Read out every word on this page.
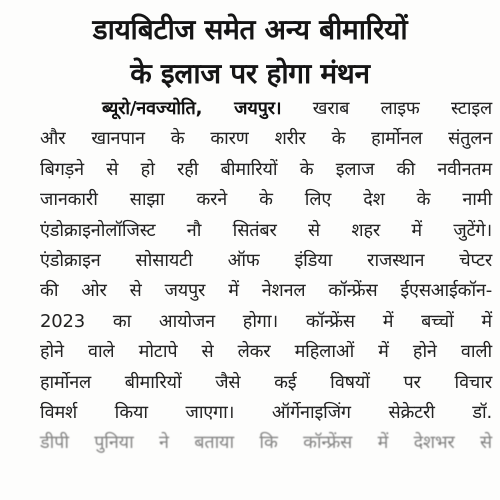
डायबिटीज समेत अन्य बीमारियों
के इलाज पर होगा मंथन
ब्यूरो/नवज्योति, जयपुर। खराब लाइफ स्टाइल
और खानपान के कारण शरीर के हार्मोनल संतुलन
बिगड़ने से हो रही बीमारियों के इलाज की नवीनतम
जानकारी साझा करने के लिए देश के नामी
एंडोक्राइनोलॉजिस्ट नौ सितंबर से शहर में जुटेंगे।
एंडोक्राइन सोसायटी ऑफ इंडिया राजस्थान चेप्टर
की ओर से जयपुर में नेशनल कॉन्फ्रेंस ईएसआईकॉन-
2023 का आयोजन होगा। कॉन्फ्रेंस में बच्चों में
होने वाले मोटापे से लेकर महिलाओं में होने वाली
हार्मोनल बीमारियों जैसे कई विषयों पर विचार
विमर्श किया जाएगा। ऑर्गेनाइजिंग सेक्रेटरी डॉ.
डीपी पुनिया ने बताया कि कॉन्फ्रेंस में देशभर से
